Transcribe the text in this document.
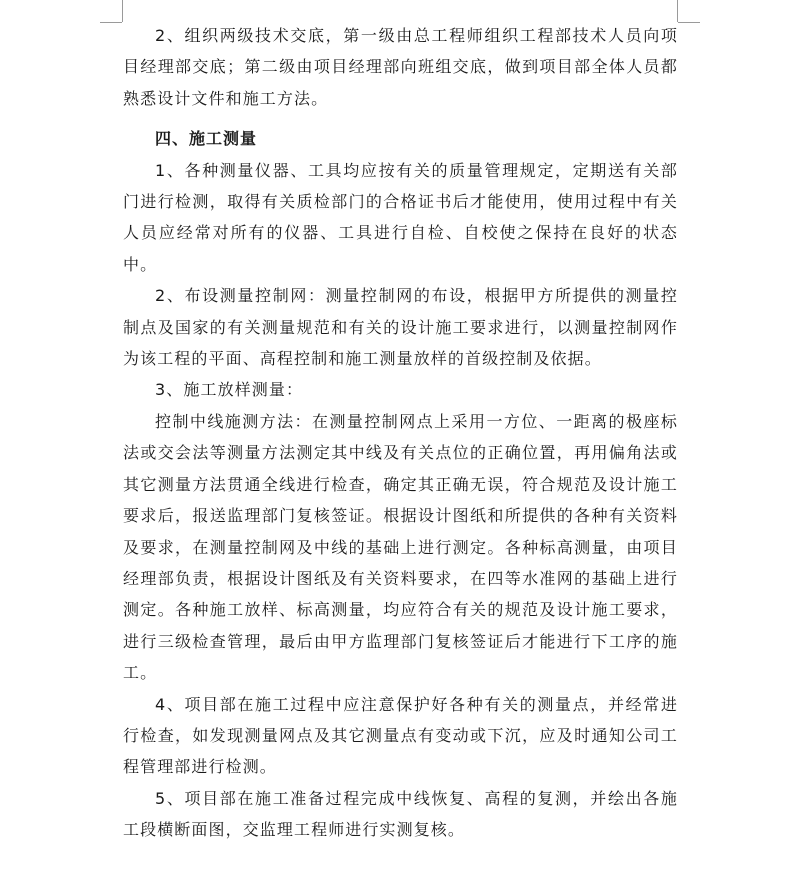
2、组织两级技术交底，第一级由总工程师组织工程部技术人员向项目经理部交底；第二级由项目经理部向班组交底，做到项目部全体人员都熟悉设计文件和施工方法。

四、施工测量

1、各种测量仪器、工具均应按有关的质量管理规定，定期送有关部门进行检测，取得有关质检部门的合格证书后才能使用，使用过程中有关人员应经常对所有的仪器、工具进行自检、自校使之保持在良好的状态中。

2、布设测量控制网：测量控制网的布设，根据甲方所提供的测量控制点及国家的有关测量规范和有关的设计施工要求进行，以测量控制网作为该工程的平面、高程控制和施工测量放样的首级控制及依据。

3、施工放样测量：

控制中线施测方法：在测量控制网点上采用一方位、一距离的极座标法或交会法等测量方法测定其中线及有关点位的正确位置，再用偏角法或其它测量方法贯通全线进行检查，确定其正确无误，符合规范及设计施工要求后，报送监理部门复核签证。根据设计图纸和所提供的各种有关资料及要求，在测量控制网及中线的基础上进行测定。各种标高测量，由项目经理部负责，根据设计图纸及有关资料要求，在四等水准网的基础上进行测定。各种施工放样、标高测量，均应符合有关的规范及设计施工要求，进行三级检查管理，最后由甲方监理部门复核签证后才能进行下工序的施工。

4、项目部在施工过程中应注意保护好各种有关的测量点，并经常进行检查，如发现测量网点及其它测量点有变动或下沉，应及时通知公司工程管理部进行检测。

5、项目部在施工准备过程完成中线恢复、高程的复测，并绘出各施工段横断面图，交监理工程师进行实测复核。
